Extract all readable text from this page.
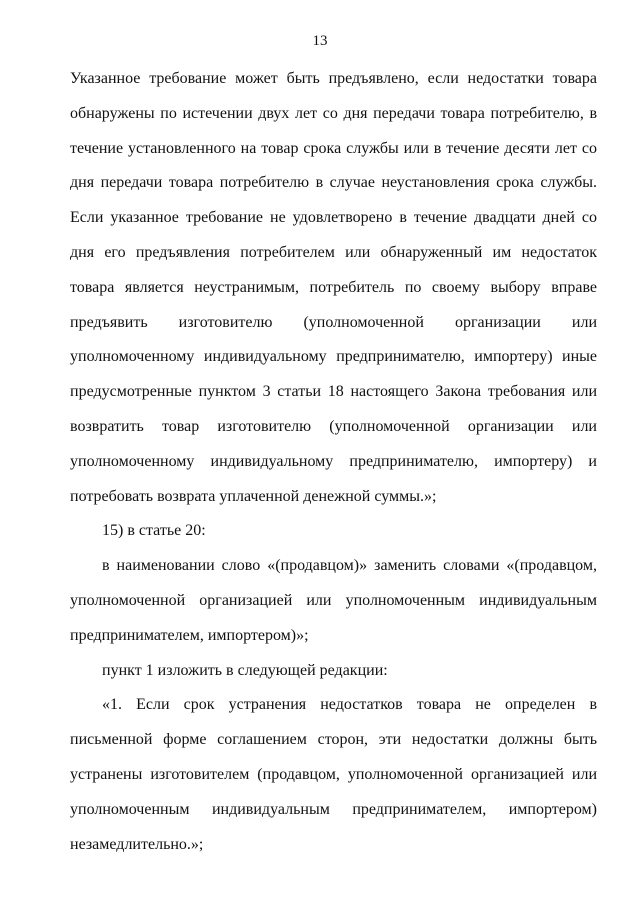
13

Указанное требование может быть предъявлено, если недостатки товара обнаружены по истечении двух лет со дня передачи товара потребителю, в течение установленного на товар срока службы или в течение десяти лет со дня передачи товара потребителю в случае неустановления срока службы. Если указанное требование не удовлетворено в течение двадцати дней со дня его предъявления потребителем или обнаруженный им недостаток товара является неустранимым, потребитель по своему выбору вправе предъявить изготовителю (уполномоченной организации или уполномоченному индивидуальному предпринимателю, импортеру) иные предусмотренные пунктом 3 статьи 18 настоящего Закона требования или возвратить товар изготовителю (уполномоченной организации или уполномоченному индивидуальному предпринимателю, импортеру) и потребовать возврата уплаченной денежной суммы.»;

15) в статье 20:

в наименовании слово «(продавцом)» заменить словами «(продавцом, уполномоченной организацией или уполномоченным индивидуальным предпринимателем, импортером)»;

пункт 1 изложить в следующей редакции:

«1. Если срок устранения недостатков товара не определен в письменной форме соглашением сторон, эти недостатки должны быть устранены изготовителем (продавцом, уполномоченной организацией или уполномоченным индивидуальным предпринимателем, импортером) незамедлительно.»;
